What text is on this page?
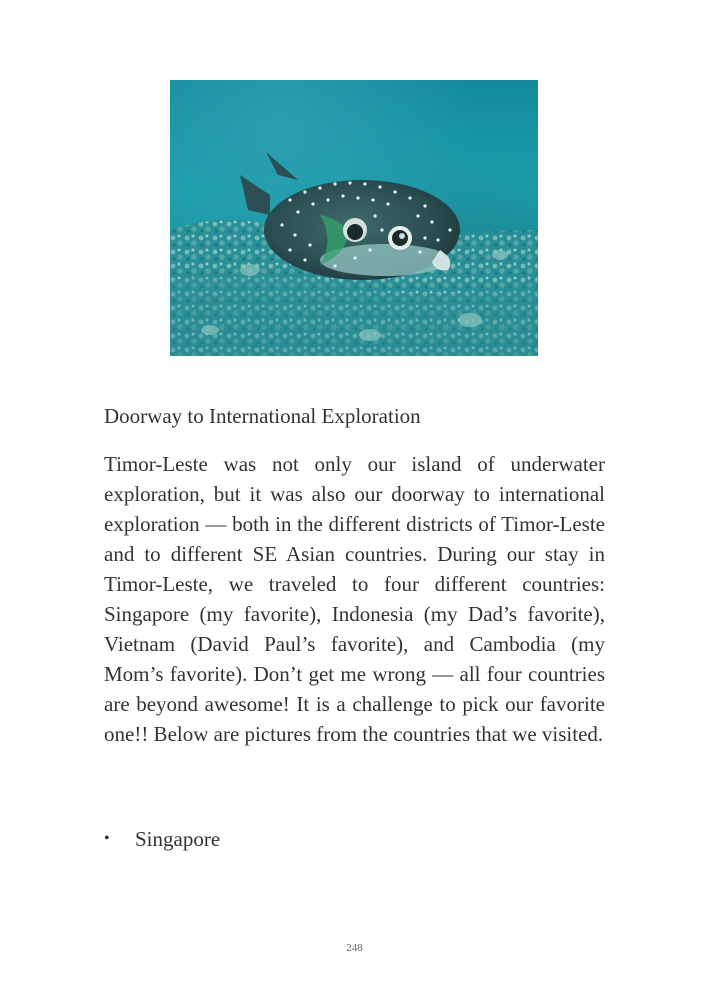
Doorway to International Exploration

Timor-Leste was not only our island of underwater exploration, but it was also our doorway to international exploration — both in the different districts of Timor-Leste and to different SE Asian countries. During our stay in Timor-Leste, we traveled to four different countries: Singapore (my favorite), Indonesia (my Dad’s favorite), Vietnam (David Paul’s favorite), and Cambodia (my Mom’s favorite). Don’t get me wrong — all four countries are beyond awesome! It is a challenge to pick our favorite one!! Below are pictures from the countries that we visited.

• Singapore
248
